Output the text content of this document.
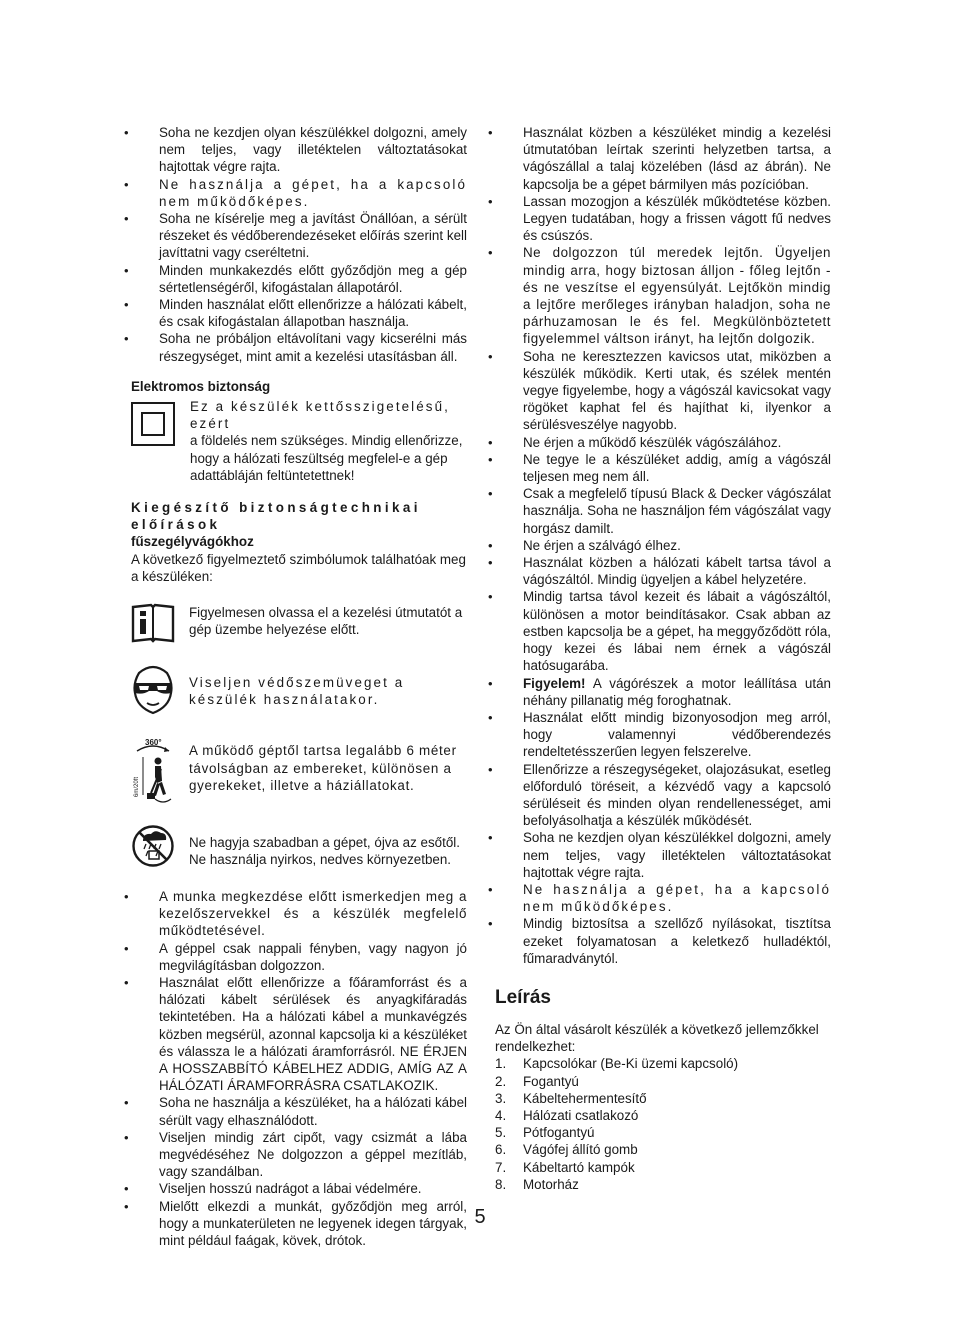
• Soha ne kezdjen olyan készülékkel dolgozni, amely nem teljes, vagy illetéktelen változtatásokat hajtottak végre rajta.
• Ne használja a gépet, ha a kapcsoló nem működőképes.
• Soha ne kísérelje meg a javítást Önállóan, a sérült részeket és védőberendezéseket előírás szerint kell javíttatni vagy cseréltetni.
• Minden munkakezdés előtt győződjön meg a gép sértetlenségéről, kifogástalan állapotáról.
• Minden használat előtt ellenőrizze a hálózati kábelt, és csak kifogástalan állapotban használja.
• Soha ne próbáljon eltávolítani vagy kicserélni más részegységet, mint amit a kezelési utasításban áll.
Elektromos biztonság

Ez a készülék kettősszigetelésű, ezért

a földelés nem szükséges. Mindig ellenőrizze, hogy a hálózati feszültség megfelel-e a gép adattábláján feltüntetettnek!

Kiegészítő biztonságtechnikai előírások
fűszegélyvágókhoz

A következő figyelmeztető szimbólumok találhatóak meg a készüléken:

Figyelmesen olvassa el a kezelési útmutatót a gép üzembe helyezése előtt.
Viseljen védőszemüveget a készülék használatakor.
360°
6m/20ft
A működő géptől tartsa legalább 6 méter távolságban az embereket, különösen a gyerekeket, illetve a háziállatokat.
Ne hagyja szabadban a gépet, ójva az esőtől. Ne használja nyirkos, nedves környezetben.
• A munka megkezdése előtt ismerkedjen meg a kezelőszervekkel és a készülék megfelelő működtetésével.
• A géppel csak nappali fényben, vagy nagyon jó megvilágításban dolgozzon.
• Használat előtt ellenőrizze a főáramforrást és a hálózati kábelt sérülések és anyagkifáradás tekintetében. Ha a hálózati kábel a munkavégzés közben megsérül, azonnal kapcsolja ki a készüléket és válassza le a hálózati áramforrásról. NE ÉRJEN A HOSSZABBÍTÓ KÁBELHEZ ADDIG, AMÍG AZ A HÁLÓZATI ÁRAMFORRÁSRA CSATLAKOZIK.
• Soha ne használja a készüléket, ha a hálózati kábel sérült vagy elhasználódott.
• Viseljen mindig zárt cipőt, vagy csizmát a lába megvédéséhez Ne dolgozzon a géppel mezítláb, vagy szandálban.
• Viseljen hosszú nadrágot a lábai védelmére.
• Mielőtt elkezdi a munkát, győződjön meg arról, hogy a munkaterületen ne legyenek idegen tárgyak, mint például faágak, kövek, drótok.
• Használat közben a készüléket mindig a kezelési útmutatóban leírtak szerinti helyzetben tartsa, a vágószállal a talaj közelében (lásd az ábrán). Ne kapcsolja be a gépet bármilyen más pozícióban.
• Lassan mozogjon a készülék működtetése közben. Legyen tudatában, hogy a frissen vágott fű nedves és csúszós.
• Ne dolgozzon túl meredek lejtőn. Ügyeljen mindig arra, hogy biztosan álljon - főleg lejtőn - és ne veszítse el egyensúlyát. Lejtőkön mindig a lejtőre merőleges irányban haladjon, soha ne párhuzamosan le és fel. Megkülönböztetett figyelemmel váltson irányt, ha lejtőn dolgozik.
• Soha ne keresztezzen kavicsos utat, miközben a készülék működik. Kerti utak, és szélek mentén vegye figyelembe, hogy a vágószál kavicsokat vagy rögöket kaphat fel és hajíthat ki, ilyenkor a sérülésveszélye nagyobb.
• Ne érjen a működő készülék vágószálához.
• Ne tegye le a készüléket addig, amíg a vágószál teljesen meg nem áll.
• Csak a megfelelő típusú Black & Decker vágószálat használja. Soha ne használjon fém vágószálat vagy horgász damilt.
• Ne érjen a szálvágó élhez.
• Használat közben a hálózati kábelt tartsa távol a vágószáltól. Mindig ügyeljen a kábel helyzetére.
• Mindig tartsa távol kezeit és lábait a vágószáltól, különösen a motor beindításakor. Csak abban az estben kapcsolja be a gépet, ha meggyőződött róla, hogy kezei és lábai nem érnek a vágószál hatósugarába.
• Figyelem! A vágórészek a motor leállítása után néhány pillanatig még foroghatnak.
• Használat előtt mindig bizonyosodjon meg arról, hogy valamennyi védőberendezés rendeltetésszerűen legyen felszerelve.
• Ellenőrizze a részegységeket, olajozásukat, esetleg előforduló töréseit, a kézvédő vagy a kapcsoló sérüléseit és minden olyan rendellenességet, ami befolyásolhatja a készülék működését.
• Soha ne kezdjen olyan készülékkel dolgozni, amely nem teljes, vagy illetéktelen változtatásokat hajtottak végre rajta.
• Ne használja a gépet, ha a kapcsoló nem működőképes.
• Mindig biztosítsa a szellőző nyílásokat, tisztítsa ezeket folyamatosan a keletkező hulladéktól, fűmaradványtól.
Leírás

Az Ön által vásárolt készülék a következő jellemzőkkel rendelkezhet:

1.	Kapcsolókar (Be-Ki üzemi kapcsoló)
2.	Fogantyú
3.	Kábeltehermentesítő
4.	Hálózati csatlakozó
5.	Pótfogantyú
6.	Vágófej állító gomb
7.	Kábeltartó kampók
8.	Motorház
5
